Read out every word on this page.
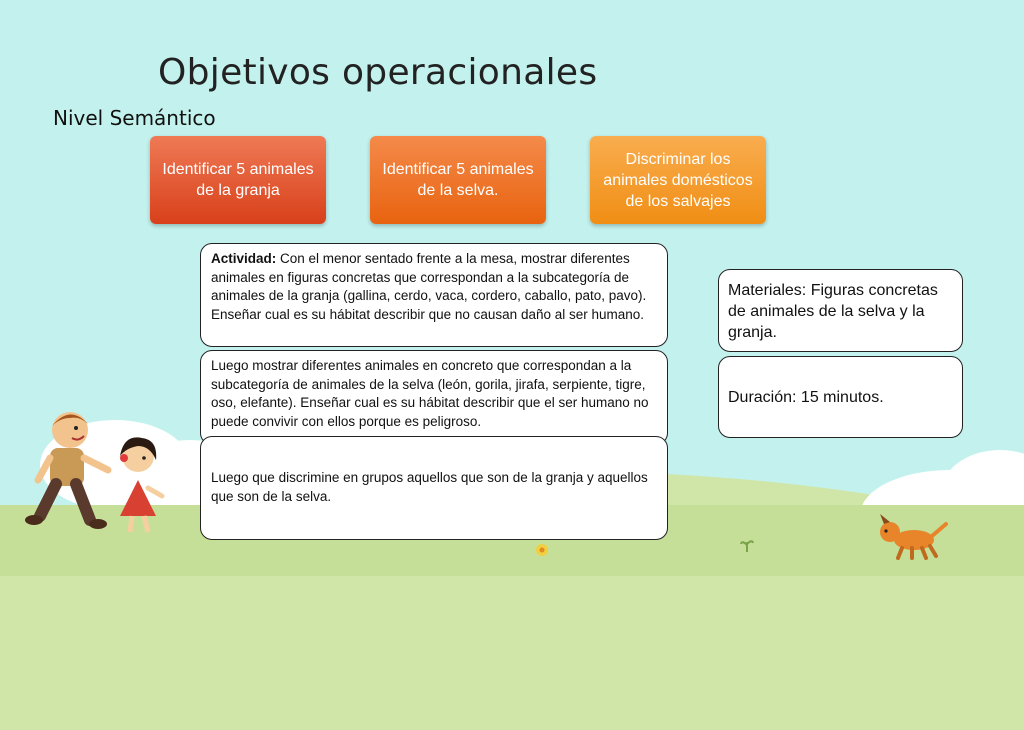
Objetivos operacionales
Nivel Semántico
Identificar 5 animales de la granja
Identificar 5 animales de la selva.
Discriminar los animales domésticos de los salvajes
Actividad: Con el menor sentado frente a la mesa, mostrar diferentes animales en figuras concretas que correspondan a la subcategoría de animales de la granja (gallina, cerdo, vaca, cordero, caballo, pato, pavo). Enseñar cual es su hábitat describir que no causan daño al ser humano.
Luego mostrar diferentes animales en concreto que correspondan a la subcategoría de animales de la selva (león, gorila, jirafa, serpiente, tigre, oso, elefante). Enseñar cual es su hábitat describir que el ser humano no puede convivir con ellos porque es peligroso.
Luego que discrimine en grupos aquellos que son de la granja y aquellos que son de la selva.
Materiales: Figuras concretas de animales de la selva y la granja.
Duración: 15 minutos.
